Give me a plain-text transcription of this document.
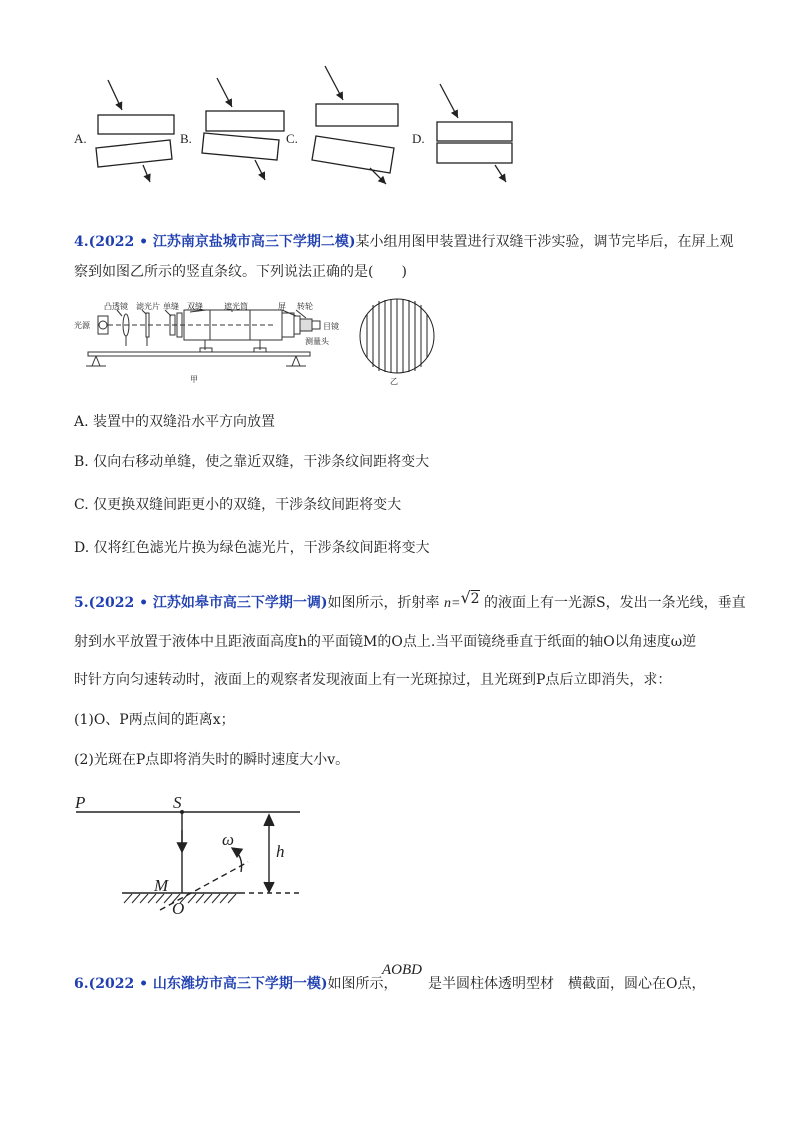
A.	B.	C.	D.
4.(2022 • 江苏南京盐城市高三下学期二模)某小组用图甲装置进行双缝干涉实验，调节完毕后，在屏上观
察到如图乙所示的竖直条纹。下列说法正确的是(　　)
光源
凸透镜 滤光片 单缝 双缝	遮光筒	屏 转轮
目镜
测量头
甲	乙
A. 装置中的双缝沿水平方向放置
B. 仅向右移动单缝，使之靠近双缝，干涉条纹间距将变大
C. 仅更换双缝间距更小的双缝，干涉条纹间距将变大
D. 仅将红色滤光片换为绿色滤光片，干涉条纹间距将变大
5.(2022 • 江苏如皋市高三下学期一调)如图所示，折射率 n=√2 的液面上有一光源S，发出一条光线，垂直
射到水平放置于液体中且距液面高度h的平面镜M的O点上.当平面镜绕垂直于纸面的轴O以角速度ω逆
时针方向匀速转动时，液面上的观察者发现液面上有一光斑掠过，且光斑到P点后立即消失，求：
(1)O、P两点间的距离x；
(2)光斑在P点即将消失时的瞬时速度大小v。
P	S
ω
h
M
O
6.(2022 • 山东潍坊市高三下学期一模)如图所示，
AOBD
是半圆柱体透明型材　横截面，圆心在O点，
